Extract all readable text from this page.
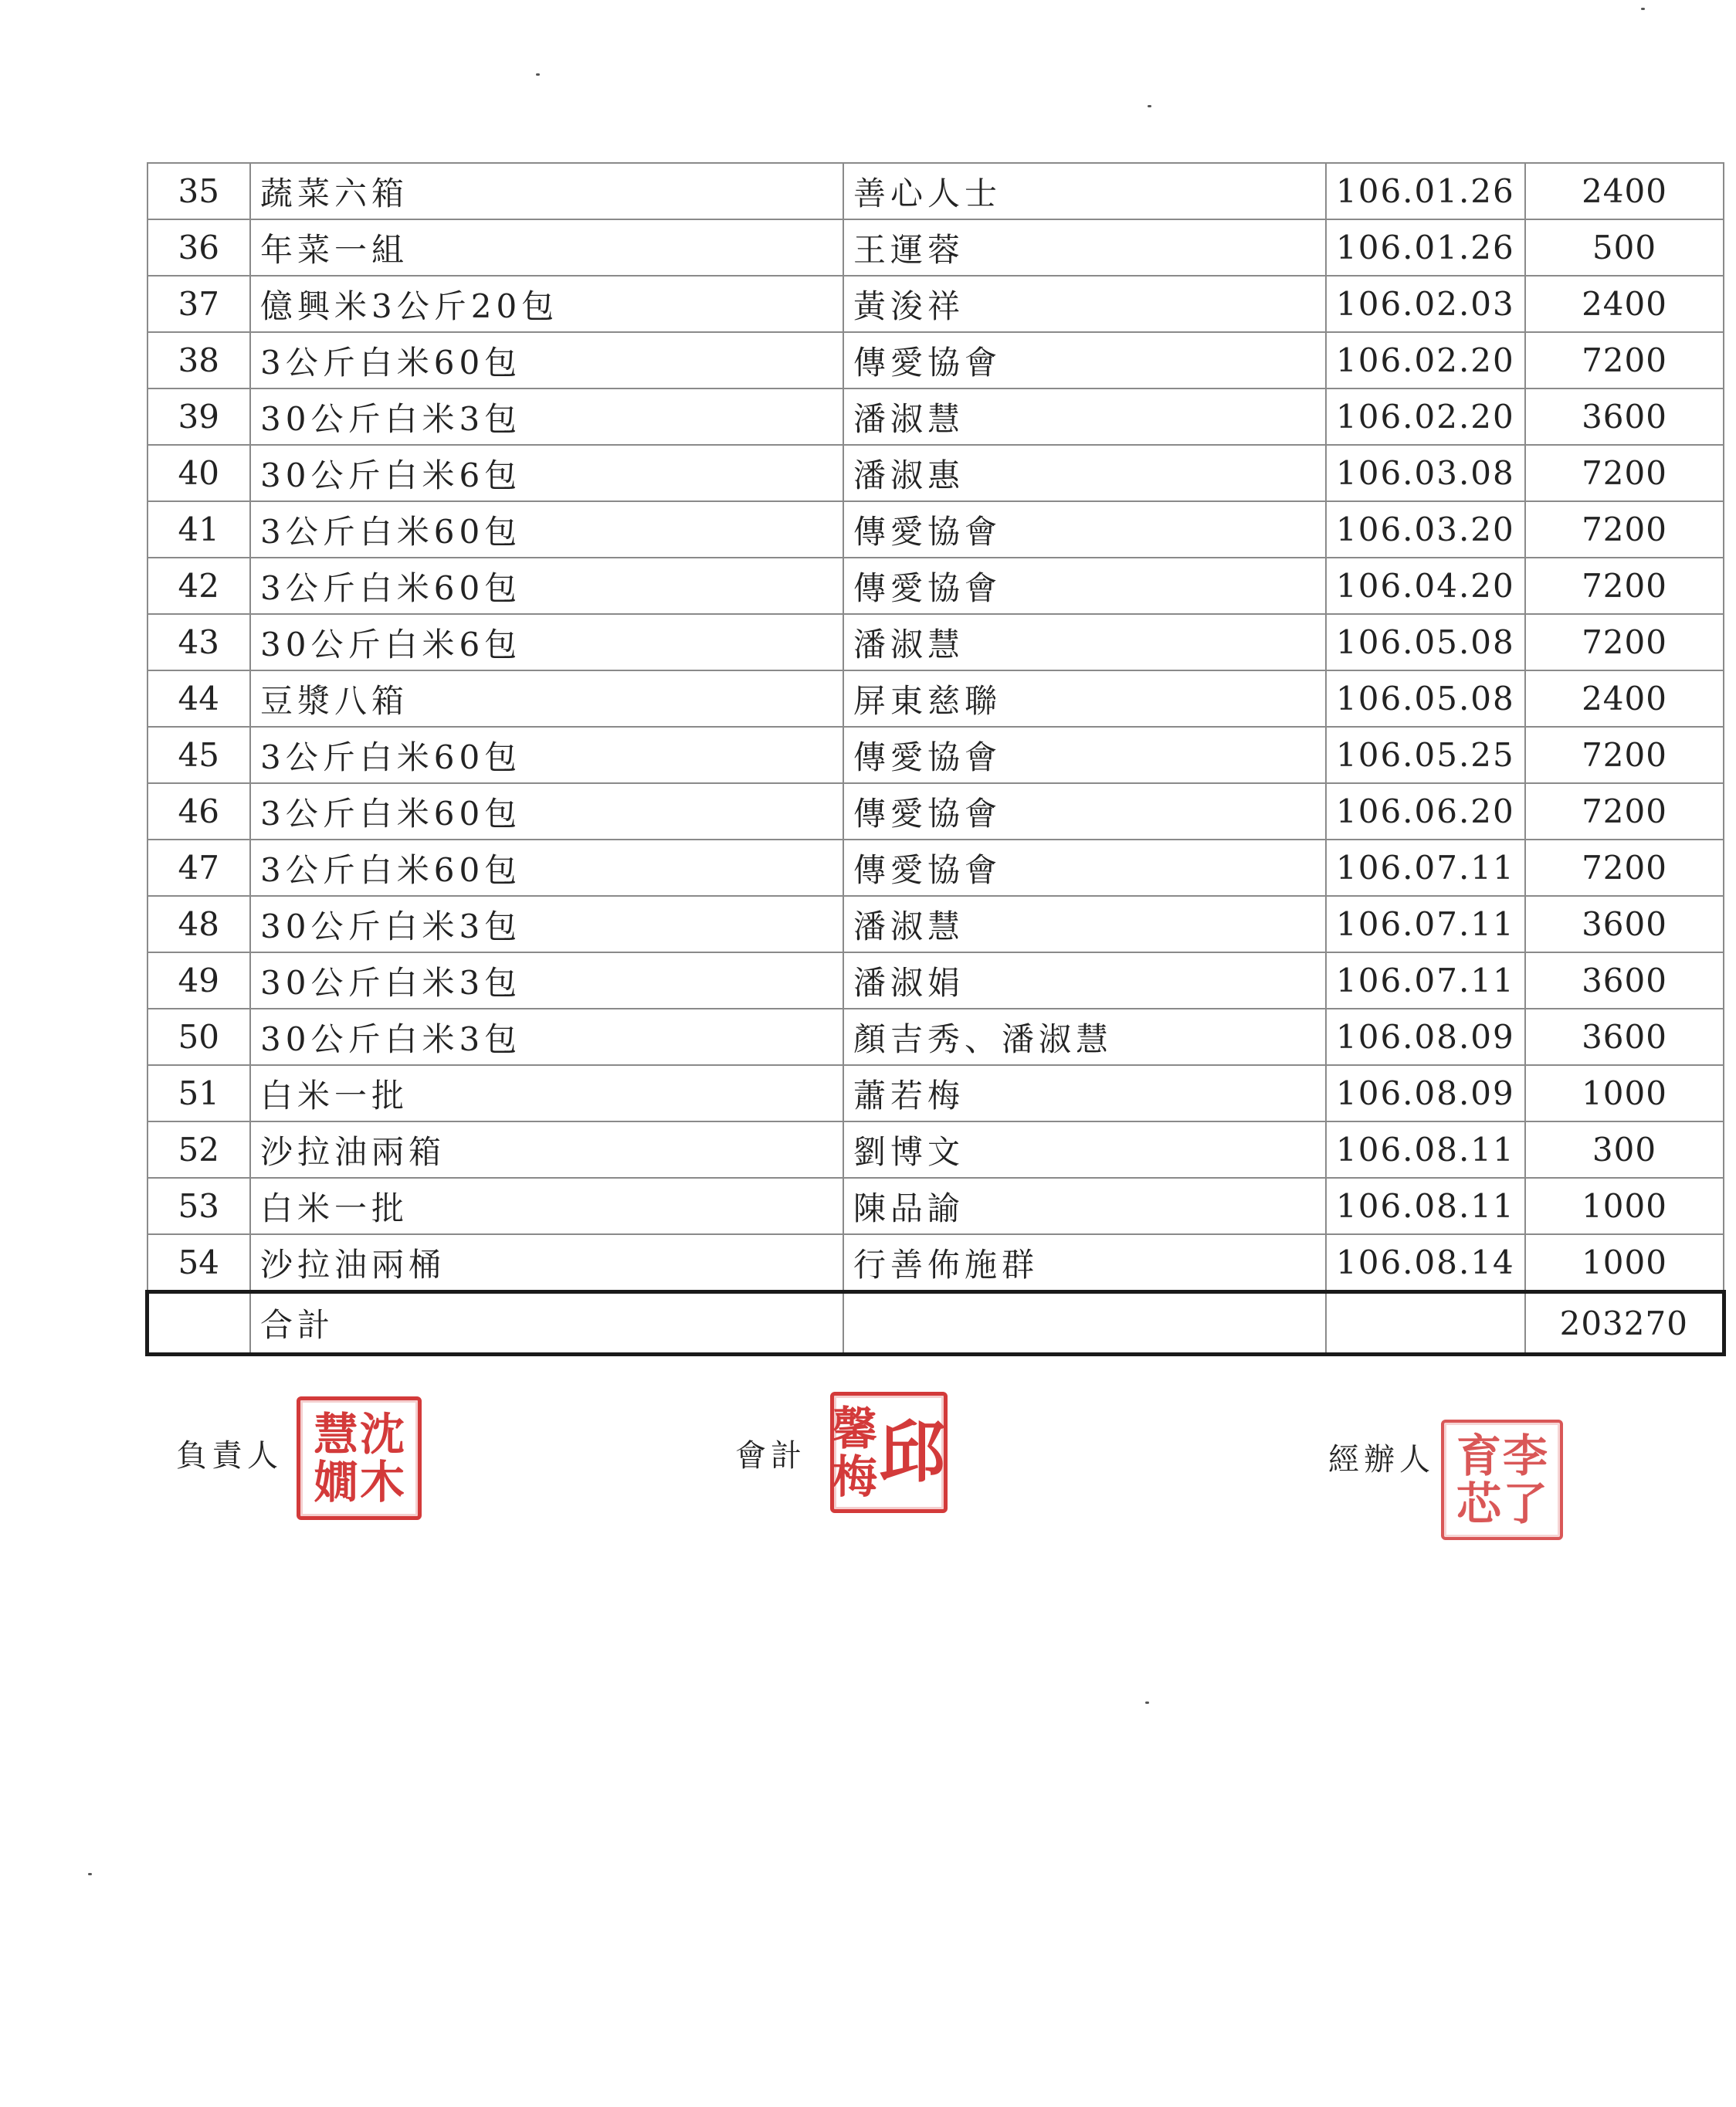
35	蔬菜六箱	善心人士	106.01.26	2400
36	年菜一組	王運蓉	106.01.26	500
37	億興米3公斤20包	黃浚祥	106.02.03	2400
38	3公斤白米60包	傳愛協會	106.02.20	7200
39	30公斤白米3包	潘淑慧	106.02.20	3600
40	30公斤白米6包	潘淑惠	106.03.08	7200
41	3公斤白米60包	傳愛協會	106.03.20	7200
42	3公斤白米60包	傳愛協會	106.04.20	7200
43	30公斤白米6包	潘淑慧	106.05.08	7200
44	豆漿八箱	屏東慈聯	106.05.08	2400
45	3公斤白米60包	傳愛協會	106.05.25	7200
46	3公斤白米60包	傳愛協會	106.06.20	7200
47	3公斤白米60包	傳愛協會	106.07.11	7200
48	30公斤白米3包	潘淑慧	106.07.11	3600
49	30公斤白米3包	潘淑娟	106.07.11	3600
50	30公斤白米3包	顏吉秀、潘淑慧	106.08.09	3600
51	白米一批	蕭若梅	106.08.09	1000
52	沙拉油兩箱	劉博文	106.08.11	300
53	白米一批	陳品諭	106.08.11	1000
54	沙拉油兩桶	行善佈施群	106.08.14	1000
	合計			203270
負責人 沈
木
慧
嫺	會計 邱
馨
梅	經辦人 李
了
育
芯
